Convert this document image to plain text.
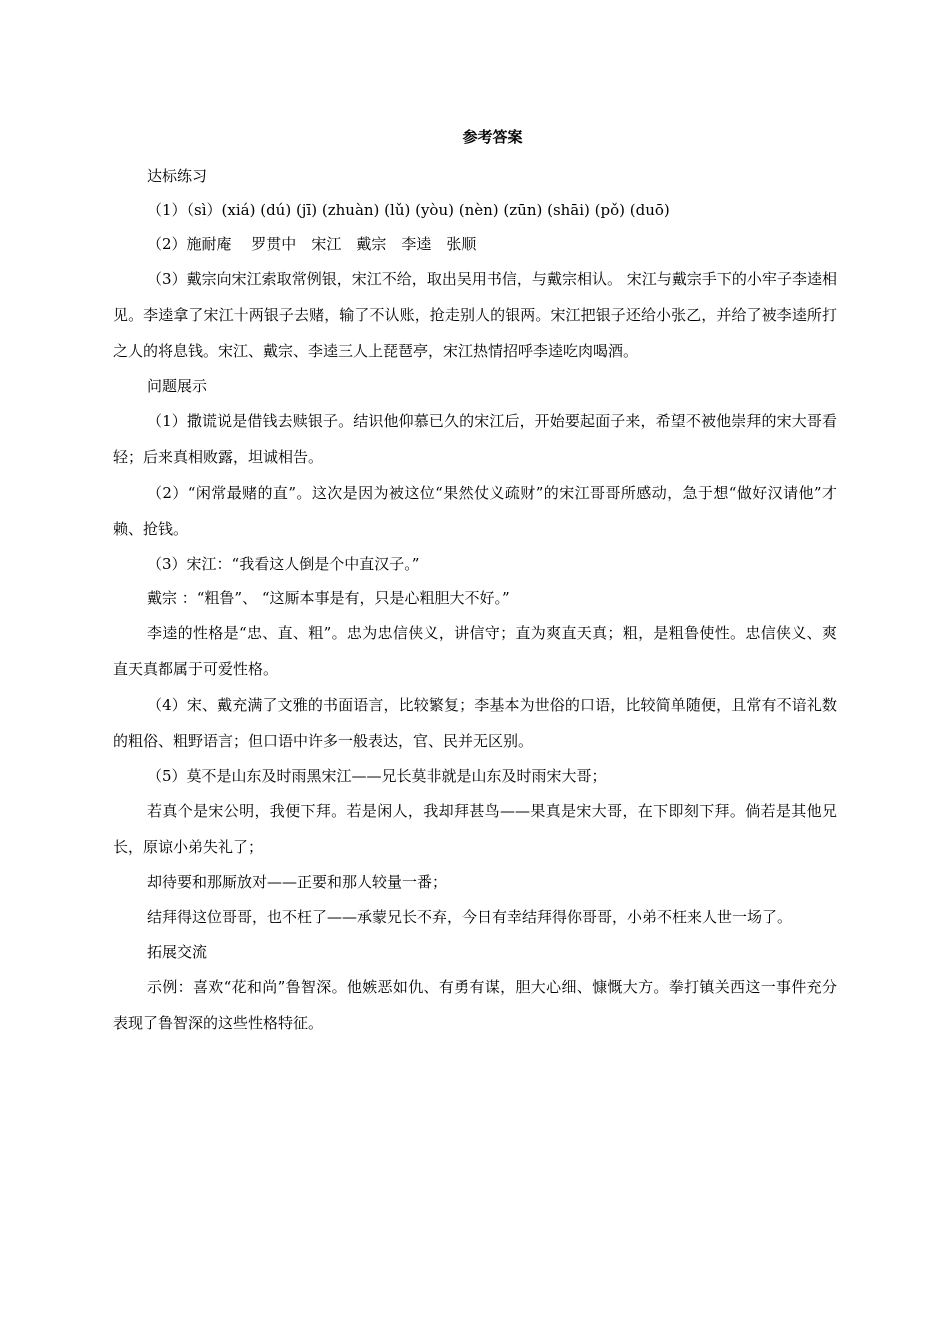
参考答案
达标练习
（1）（sì）(xiá) (dú) (jī) (zhuàn) (lǔ) (yòu) (nèn) (zūn) (shāi) (pǒ) (duō)
（2）施耐庵　 罗贯中　宋江　戴宗　李逵　张顺
（3）戴宗向宋江索取常例银，宋江不给，取出吴用书信，与戴宗相认。 宋江与戴宗手下的小牢子李逵相见。李逵拿了宋江十两银子去赌，输了不认账，抢走别人的银两。宋江把银子还给小张乙，并给了被李逵所打之人的将息钱。宋江、戴宗、李逵三人上琵琶亭，宋江热情招呼李逵吃肉喝酒。
问题展示
（1）撒谎说是借钱去赎银子。结识他仰慕已久的宋江后，开始要起面子来，希望不被他崇拜的宋大哥看轻；后来真相败露，坦诚相告。
（2）“闲常最赌的直”。这次是因为被这位“果然仗义疏财”的宋江哥哥所感动，急于想“做好汉请他”才赖、抢钱。
（3）宋江：“我看这人倒是个中直汉子。”
戴宗 ：“粗鲁”、 “这厮本事是有，只是心粗胆大不好。”
李逵的性格是“忠、直、粗”。忠为忠信侠义，讲信守；直为爽直天真；粗，是粗鲁使性。忠信侠义、爽直天真都属于可爱性格。
（4）宋、戴充满了文雅的书面语言，比较繁复；李基本为世俗的口语，比较简单随便，且常有不谙礼数的粗俗、粗野语言；但口语中许多一般表达，官、民并无区别。
（5）莫不是山东及时雨黑宋江——兄长莫非就是山东及时雨宋大哥；
若真个是宋公明，我便下拜。若是闲人，我却拜甚鸟——果真是宋大哥，在下即刻下拜。倘若是其他兄长，原谅小弟失礼了；
却待要和那厮放对——正要和那人较量一番；
结拜得这位哥哥，也不枉了——承蒙兄长不弃，今日有幸结拜得你哥哥，小弟不枉来人世一场了。
拓展交流
示例：喜欢“花和尚”鲁智深。他嫉恶如仇、有勇有谋，胆大心细、慷慨大方。拳打镇关西这一事件充分表现了鲁智深的这些性格特征。
